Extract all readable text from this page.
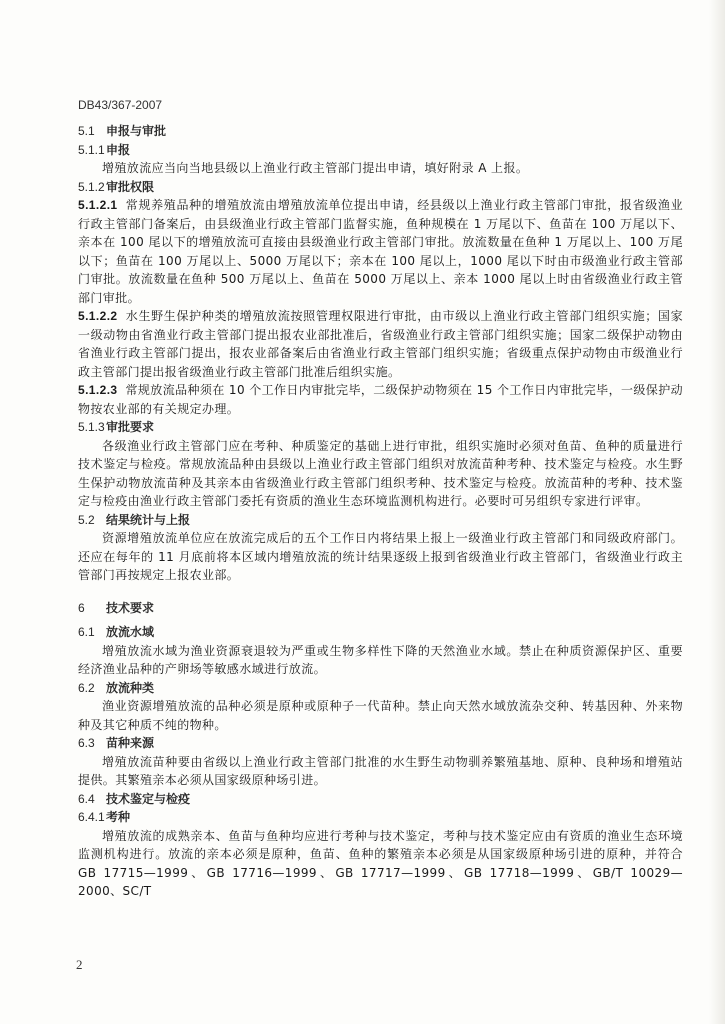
DB43/367-2007
5.1 申报与审批
5.1.1申报
增殖放流应当向当地县级以上渔业行政主管部门提出申请，填好附录 A 上报。
5.1.2审批权限
5.1.2.1 常规养殖品种的增殖放流由增殖放流单位提出申请，经县级以上渔业行政主管部门审批，报省级渔业行政主管部门备案后，由县级渔业行政主管部门监督实施，鱼种规模在 1 万尾以下、鱼苗在 100 万尾以下、亲本在 100 尾以下的增殖放流可直接由县级渔业行政主管部门审批。放流数量在鱼种 1 万尾以上、100 万尾以下；鱼苗在 100 万尾以上、5000 万尾以下；亲本在 100 尾以上，1000 尾以下时由市级渔业行政主管部门审批。放流数量在鱼种 500 万尾以上、鱼苗在 5000 万尾以上、亲本 1000 尾以上时由省级渔业行政主管部门审批。
5.1.2.2 水生野生保护种类的增殖放流按照管理权限进行审批，由市级以上渔业行政主管部门组织实施；国家一级动物由省渔业行政主管部门提出报农业部批准后，省级渔业行政主管部门组织实施；国家二级保护动物由省渔业行政主管部门提出，报农业部备案后由省渔业行政主管部门组织实施；省级重点保护动物由市级渔业行政主管部门提出报省级渔业行政主管部门批准后组织实施。
5.1.2.3 常规放流品种须在 10 个工作日内审批完毕，二级保护动物须在 15 个工作日内审批完毕，一级保护动物按农业部的有关规定办理。
5.1.3审批要求
各级渔业行政主管部门应在考种、种质鉴定的基础上进行审批，组织实施时必须对鱼苗、鱼种的质量进行技术鉴定与检疫。常规放流品种由县级以上渔业行政主管部门组织对放流苗种考种、技术鉴定与检疫。水生野生保护动物放流苗种及其亲本由省级渔业行政主管部门组织考种、技术鉴定与检疫。放流苗种的考种、技术鉴定与检疫由渔业行政主管部门委托有资质的渔业生态环境监测机构进行。必要时可另组织专家进行评审。
5.2 结果统计与上报
资源增殖放流单位应在放流完成后的五个工作日内将结果上报上一级渔业行政主管部门和同级政府部门。还应在每年的 11 月底前将本区域内增殖放流的统计结果逐级上报到省级渔业行政主管部门，省级渔业行政主管部门再按规定上报农业部。
6 技术要求
6.1 放流水域
增殖放流水域为渔业资源衰退较为严重或生物多样性下降的天然渔业水域。禁止在种质资源保护区、重要经济渔业品种的产卵场等敏感水域进行放流。
6.2 放流种类
渔业资源增殖放流的品种必须是原种或原种子一代苗种。禁止向天然水域放流杂交种、转基因种、外来物种及其它种质不纯的物种。
6.3 苗种来源
增殖放流苗种要由省级以上渔业行政主管部门批准的水生野生动物驯养繁殖基地、原种、良种场和增殖站提供。其繁殖亲本必须从国家级原种场引进。
6.4 技术鉴定与检疫
6.4.1考种
增殖放流的成熟亲本、鱼苗与鱼种均应进行考种与技术鉴定，考种与技术鉴定应由有资质的渔业生态环境监测机构进行。放流的亲本必须是原种，鱼苗、鱼种的繁殖亲本必须是从国家级原种场引进的原种，并符合 GB 17715—1999、GB 17716—1999、GB 17717—1999、GB 17718—1999、GB/T 10029—2000、SC/T
2
